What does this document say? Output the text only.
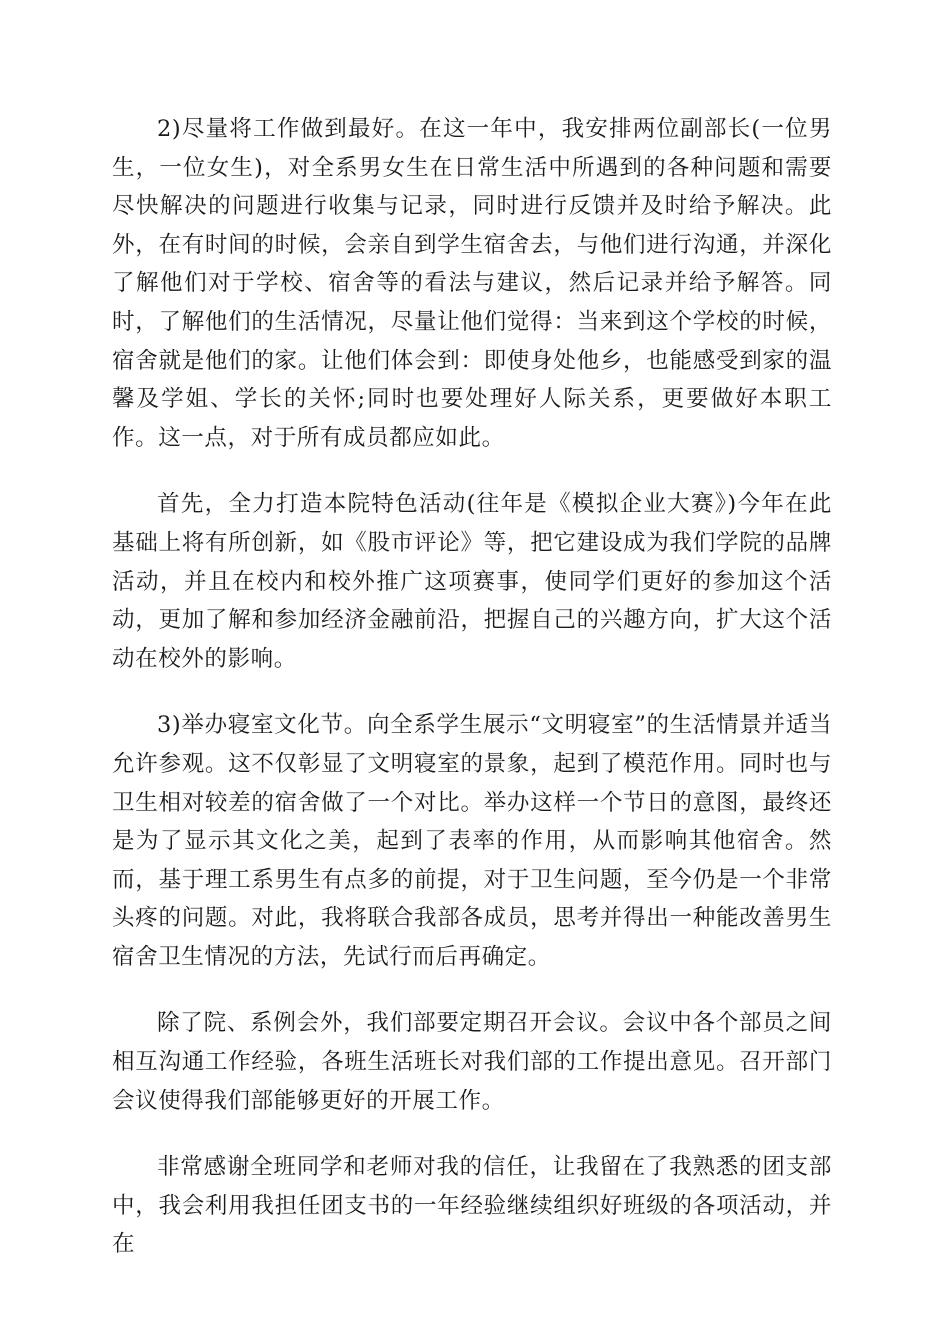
2)尽量将工作做到最好。在这一年中，我安排两位副部长(一位男生，一位女生)，对全系男女生在日常生活中所遇到的各种问题和需要尽快解决的问题进行收集与记录，同时进行反馈并及时给予解决。此外，在有时间的时候，会亲自到学生宿舍去，与他们进行沟通，并深化了解他们对于学校、宿舍等的看法与建议，然后记录并给予解答。同时，了解他们的生活情况，尽量让他们觉得：当来到这个学校的时候，宿舍就是他们的家。让他们体会到：即使身处他乡，也能感受到家的温馨及学姐、学长的关怀;同时也要处理好人际关系，更要做好本职工作。这一点，对于所有成员都应如此。

首先，全力打造本院特色活动(往年是《模拟企业大赛》)今年在此基础上将有所创新，如《股市评论》等，把它建设成为我们学院的品牌活动，并且在校内和校外推广这项赛事，使同学们更好的参加这个活动，更加了解和参加经济金融前沿，把握自己的兴趣方向，扩大这个活动在校外的影响。

3)举办寝室文化节。向全系学生展示“文明寝室”的生活情景并适当允许参观。这不仅彰显了文明寝室的景象，起到了模范作用。同时也与卫生相对较差的宿舍做了一个对比。举办这样一个节日的意图，最终还是为了显示其文化之美，起到了表率的作用，从而影响其他宿舍。然而，基于理工系男生有点多的前提，对于卫生问题，至今仍是一个非常头疼的问题。对此，我将联合我部各成员，思考并得出一种能改善男生宿舍卫生情况的方法，先试行而后再确定。

除了院、系例会外，我们部要定期召开会议。会议中各个部员之间相互沟通工作经验，各班生活班长对我们部的工作提出意见。召开部门会议使得我们部能够更好的开展工作。

非常感谢全班同学和老师对我的信任，让我留在了我熟悉的团支部中，我会利用我担任团支书的一年经验继续组织好班级的各项活动，并在
